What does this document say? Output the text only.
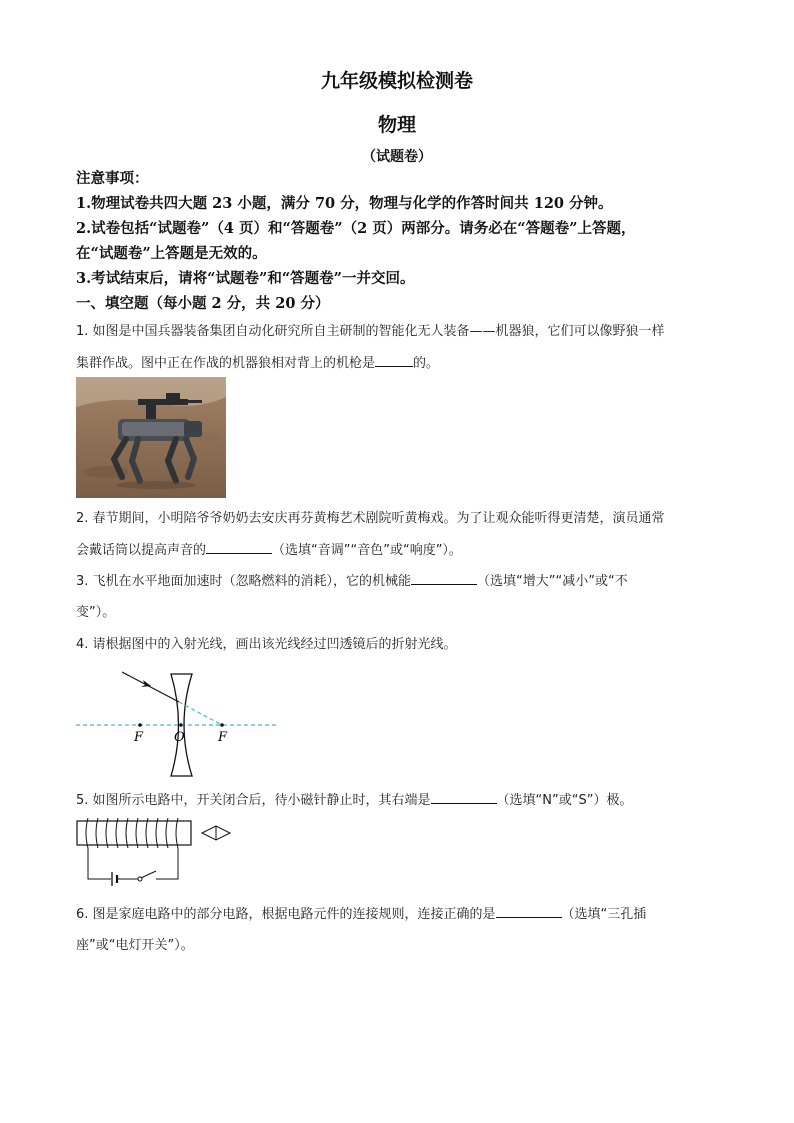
九年级模拟检测卷
物理
（试题卷）
注意事项：
1.物理试卷共四大题 23 小题，满分 70 分，物理与化学的作答时间共 120 分钟。
2.试卷包括“试题卷”（4 页）和“答题卷”（2 页）两部分。请务必在“答题卷”上答题，
在“试题卷”上答题是无效的。
3.考试结束后，请将“试题卷”和“答题卷”一并交回。
一、填空题（每小题 2 分，共 20 分）
1. 如图是中国兵器装备集团自动化研究所自主研制的智能化无人装备——机器狼，它们可以像野狼一样
集群作战。图中正在作战的机器狼相对背上的机枪是	的。
2. 春节期间，小明陪爷爷奶奶去安庆再芬黄梅艺术剧院听黄梅戏。为了让观众能听得更清楚，演员通常
会戴话筒以提高声音的	（选填“音调”“音色”或“响度”）。
3. 飞机在水平地面加速时（忽略燃料的消耗），它的机械能	（选填“增大”“减小”或“不
变”）。
4. 请根据图中的入射光线，画出该光线经过凹透镜后的折射光线。
F O	F
5. 如图所示电路中，开关闭合后，待小磁针静止时，其右端是	（选填“N”或“S”）极。
6. 图是家庭电路中的部分电路，根据电路元件的连接规则，连接正确的是	（选填“三孔插
座”或“电灯开关”）。
